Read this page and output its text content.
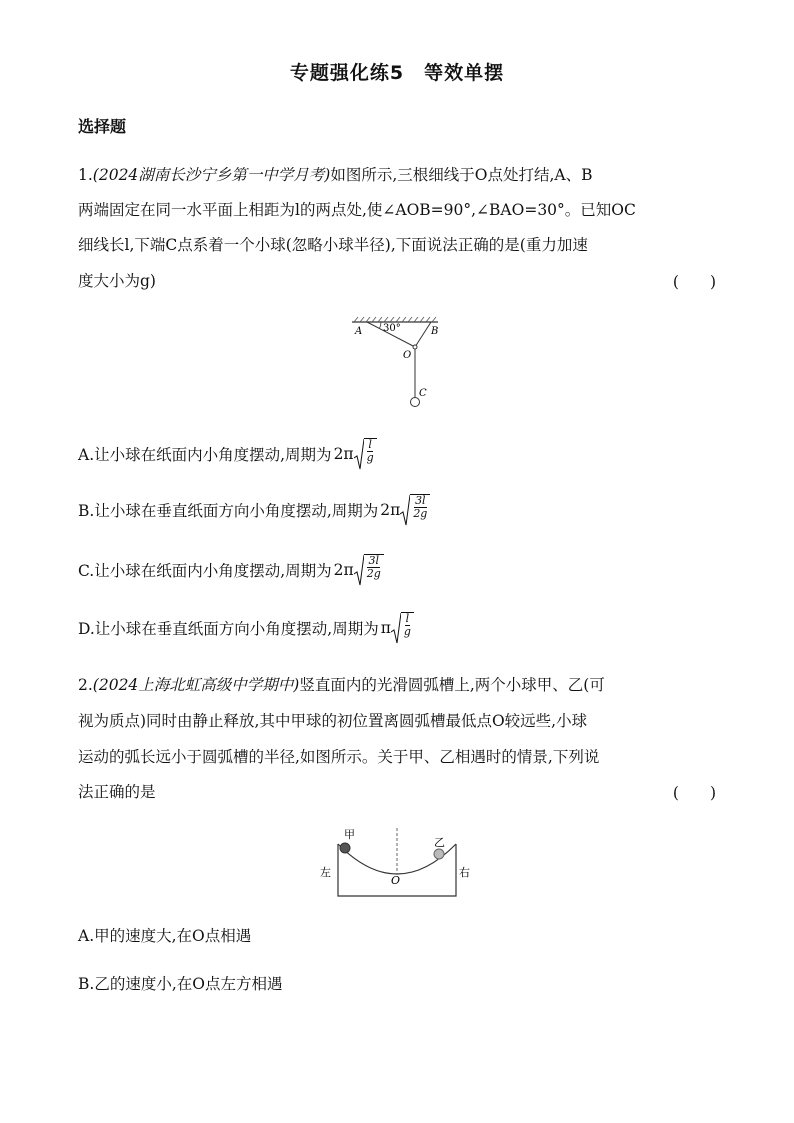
专题强化练5　等效单摆
选择题
1.(2024湖南长沙宁乡第一中学月考)如图所示,三根细线于O点处打结,A、B
两端固定在同一水平面上相距为l的两点处,使∠AOB=90°,∠BAO=30°。已知OC
细线长l,下端C点系着一个小球(忽略小球半径),下面说法正确的是(重力加速
度大小为g)	(　　)
30°
A	B
O
C
A.让小球在纸面内小角度摆动,周期为 $2\pi \frac{l}{g}$
B.让小球在垂直纸面方向小角度摆动,周期为 $2\pi \frac{3l}{2g}$
C.让小球在纸面内小角度摆动,周期为 $2\pi \frac{3l}{2g}$
D.让小球在垂直纸面方向小角度摆动,周期为 π $\frac{l}{g}$
2.(2024上海北虹高级中学期中)竖直面内的光滑圆弧槽上,两个小球甲、乙(可
视为质点)同时由静止释放,其中甲球的初位置离圆弧槽最低点O较远些,小球
运动的弧长远小于圆弧槽的半径,如图所示。关于甲、乙相遇时的情景,下列说
法正确的是	(　　)
甲
乙
左	右
O
A.甲的速度大,在O点相遇
B.乙的速度小,在O点左方相遇
